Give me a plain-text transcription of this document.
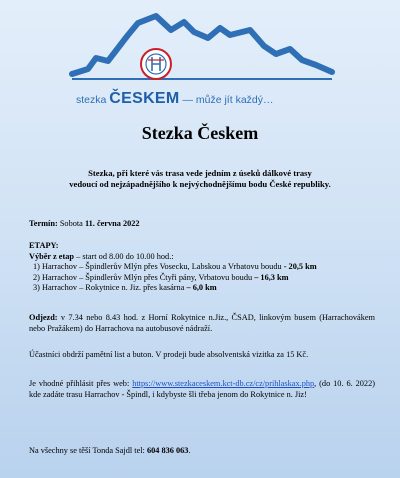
stezka ČESKEM — může jít každý…
Stezka Českem
Stezka, při které vás trasa vede jedním z úseků dálkové trasy
vedoucí od nejzápadnějšího k nejvýchodnějšímu bodu České republiky.
Termín: Sobota 11. června 2022
ETAPY:
Výběr z etap – start od 8.00 do 10.00 hod.:
1) Harrachov – Špindlerův Mlýn přes Vosecku, Labskou a Vrbatovu boudu - 20,5 km
2) Harrachov – Špindlerův Mlýn přes Čtyři pány, Vrbatovu boudu – 16,3 km
3) Harrachov – Rokytnice n. Jiz. přes kasárna – 6,0 km
Odjezd: v 7.34 nebo 8.43 hod. z Horní Rokytnice n.Jiz., ČSAD, linkovým busem (Harrachovákem nebo Pražákem) do Harrachova na autobusové nádraží.
Účastníci obdrží pamětní list a buton. V prodeji bude absolventská vizitka za 15 Kč.
Je vhodné přihlásit přes web: https://www.stezkaceskem.kct-db.cz/cz/prihlaskax.php, (do 10. 6. 2022) kde zadáte trasu Harrachov - Špindl, i kdybyste šli třeba jenom do Rokytnice n. Jiz!
Na všechny se těší Tonda Sajdl tel: 604 836 063.
